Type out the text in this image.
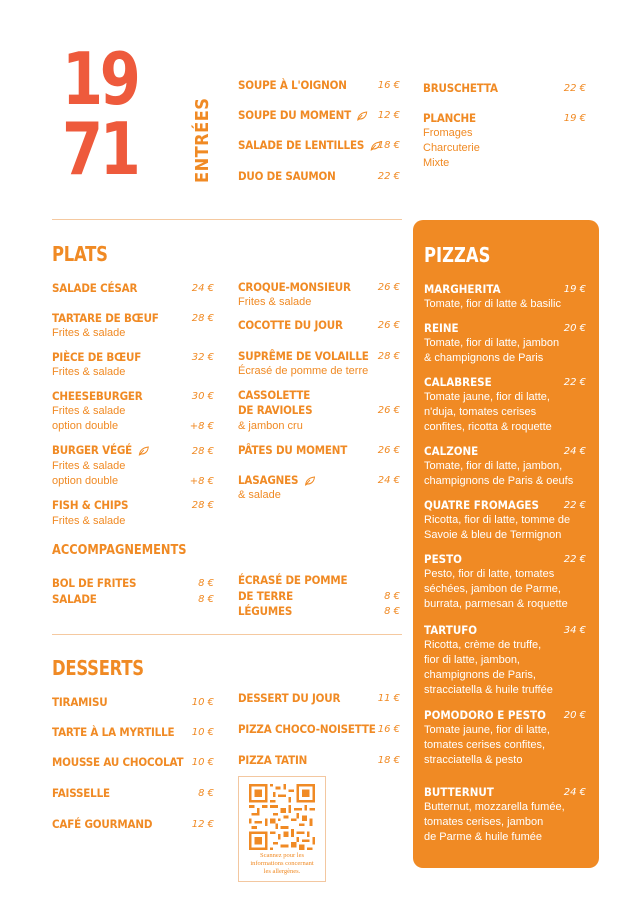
19
71	ENTRÉES
SOUPE À L'OIGNON	16 €
SOUPE DU MOMENT	12 €
SALADE DE LENTILLES	18 €
DUO DE SAUMON	22 €
BRUSCHETTA	22 €
PLANCHE	19 €
Fromages
Charcuterie
Mixte
PLATS
SALADE CÉSAR	24 €
TARTARE DE BŒUF	28 €
Frites & salade
PIÈCE DE BŒUF	32 €
Frites & salade
CHEESEBURGER	30 €
Frites & salade
option double	+8 €
BURGER VÉGÉ	28 €
Frites & salade
option double	+8 €
FISH & CHIPS	28 €
Frites & salade
CROQUE-MONSIEUR	26 €
Frites & salade
COCOTTE DU JOUR	26 €
SUPRÊME DE VOLAILLE 28 €
Écrasé de pomme de terre
CASSOLETTE
DE RAVIOLES	26 €
& jambon cru
PÂTES DU MOMENT	26 €
LASAGNES	24 €
& salade
ACCOMPAGNEMENTS
BOL DE FRITES	8 €
SALADE	8 €
ÉCRASÉ DE POMME
DE TERRE	8 €
LÉGUMES	8 €
DESSERTS
TIRAMISU	10 €
TARTE À LA MYRTILLE	10 €
MOUSSE AU CHOCOLAT 10 €
FAISSELLE	8 €
CAFÉ GOURMAND	12 €
DESSERT DU JOUR	11 €
PIZZA CHOCO-NOISETTE 16 €
PIZZA TATIN	18 €
Scannez pour les
informations concernant
les allergènes.
PIZZAS
MARGHERITA	19 €
Tomate, fior di latte & basilic
REINE	20 €
Tomate, fior di latte, jambon
& champignons de Paris
CALABRESE	22 €
Tomate jaune, fior di latte,
n'duja, tomates cerises
confites, ricotta & roquette
CALZONE	24 €
Tomate, fior di latte, jambon,
champignons de Paris & oeufs
QUATRE FROMAGES	22 €
Ricotta, fior di latte, tomme de
Savoie & bleu de Termignon
PESTO	22 €
Pesto, fior di latte, tomates
séchées, jambon de Parme,
burrata, parmesan & roquette
TARTUFO	34 €
Ricotta, crème de truffe,
fior di latte, jambon,
champignons de Paris,
stracciatella & huile truffée
POMODORO E PESTO	20 €
Tomate jaune, fior di latte,
tomates cerises confites,
stracciatella & pesto
BUTTERNUT	24 €
Butternut, mozzarella fumée,
tomates cerises, jambon
de Parme & huile fumée
